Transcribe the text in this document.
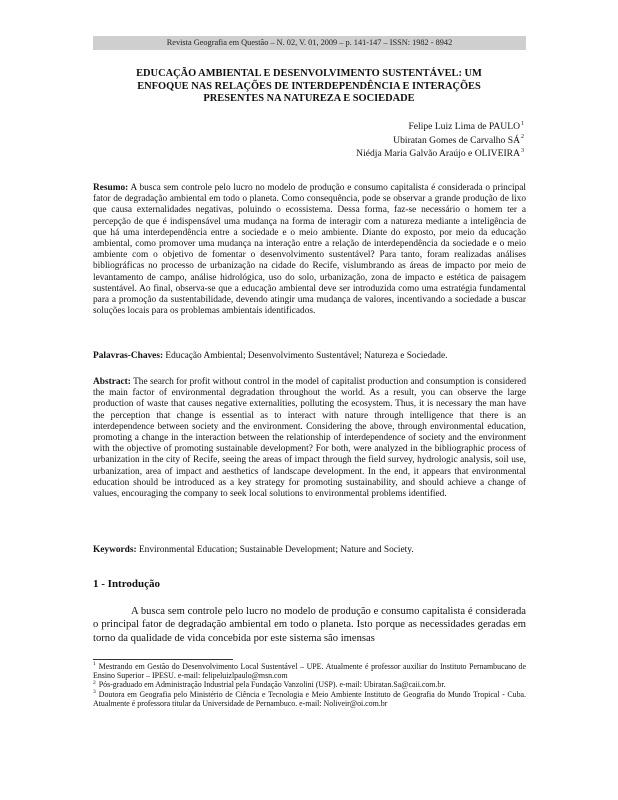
Revista Geografia em Questão – N. 02, V. 01, 2009 – p. 141-147 – ISSN: 1982 - 8942
EDUCAÇÃO AMBIENTAL E DESENVOLVIMENTO SUSTENTÁVEL: UM
ENFOQUE NAS RELAÇÕES DE INTERDEPENDÊNCIA E INTERAÇÕES
PRESENTES NA NATUREZA E SOCIEDADE
Felipe Luiz Lima de PAULO$^1$
Ubiratan Gomes de Carvalho $SÁ^2$
Niédja Maria Galvão Araújo e OLIVEIRA$^3$
Resumo: A busca sem controle pelo lucro no modelo de produção e consumo capitalista é considerada o principal fator de degradação ambiental em todo o planeta. Como consequência, pode se observar a grande produção de lixo que causa externalidades negativas, poluindo o ecossistema. Dessa forma, faz-se necessário o homem ter a percepção de que é indispensável uma mudança na forma de interagir com a natureza mediante a inteligência de que há uma interdependência entre a sociedade e o meio ambiente. Diante do exposto, por meio da educação ambiental, como promover uma mudança na interação entre a relação de interdependência da sociedade e o meio ambiente com o objetivo de fomentar o desenvolvimento sustentável? Para tanto, foram realizadas análises bibliográficas no processo de urbanização na cidade do Recife, vislumbrando as áreas de impacto por meio de levantamento de campo, análise hidrológica, uso do solo, urbanização, zona de impacto e estética de paisagem sustentável. Ao final, observa-se que a educação ambiental deve ser introduzida como uma estratégia fundamental para a promoção da sustentabilidade, devendo atingir uma mudança de valores, incentivando a sociedade a buscar soluções locais para os problemas ambientais identificados.
Palavras-Chaves: Educação Ambiental; Desenvolvimento Sustentável; Natureza e Sociedade.
Abstract: The search for profit without control in the model of capitalist production and consumption is considered the main factor of environmental degradation throughout the world. As a result, you can observe the large production of waste that causes negative externalities, polluting the ecosystem. Thus, it is necessary the man have the perception that change is essential as to interact with nature through intelligence that there is an interdependence between society and the environment. Considering the above, through environmental education, promoting a change in the interaction between the relationship of interdependence of society and the environment with the objective of promoting sustainable development? For both, were analyzed in the bibliographic process of urbanization in the city of Recife, seeing the areas of impact through the field survey, hydrologic analysis, soil use, urbanization, area of impact and aesthetics of landscape development. In the end, it appears that environmental education should be introduced as a key strategy for promoting sustainability, and should achieve a change of values, encouraging the company to seek local solutions to environmental problems identified.
Keywords: Environmental Education; Sustainable Development; Nature and Society.
1 - Introdução
A busca sem controle pelo lucro no modelo de produção e consumo capitalista é considerada o principal fator de degradação ambiental em todo o planeta. Isto porque as necessidades geradas em torno da qualidade de vida concebida por este sistema são imensas

$^1$ Mestrando em Gestão do Desenvolvimento Local Sustentável – UPE. Atualmente é professor auxiliar do Instituto Pernambucano de Ensino Superior – IPESU. e-mail: felipeluizlpaulo@msn.com

$^2$ Pós-graduado em Administração Industrial pela Fundação Vanzolini (USP). e-mail: Ubiratan.Sa@caii.com.br.

$^3$ Doutora em Geografia pelo Ministério de Ciência e Tecnologia e Meio Ambiente Instituto de Geografia do Mundo Tropical - Cuba. Atualmente é professora titular da Universidade de Pernambuco. e-mail: Noliveir@oi.com.br
